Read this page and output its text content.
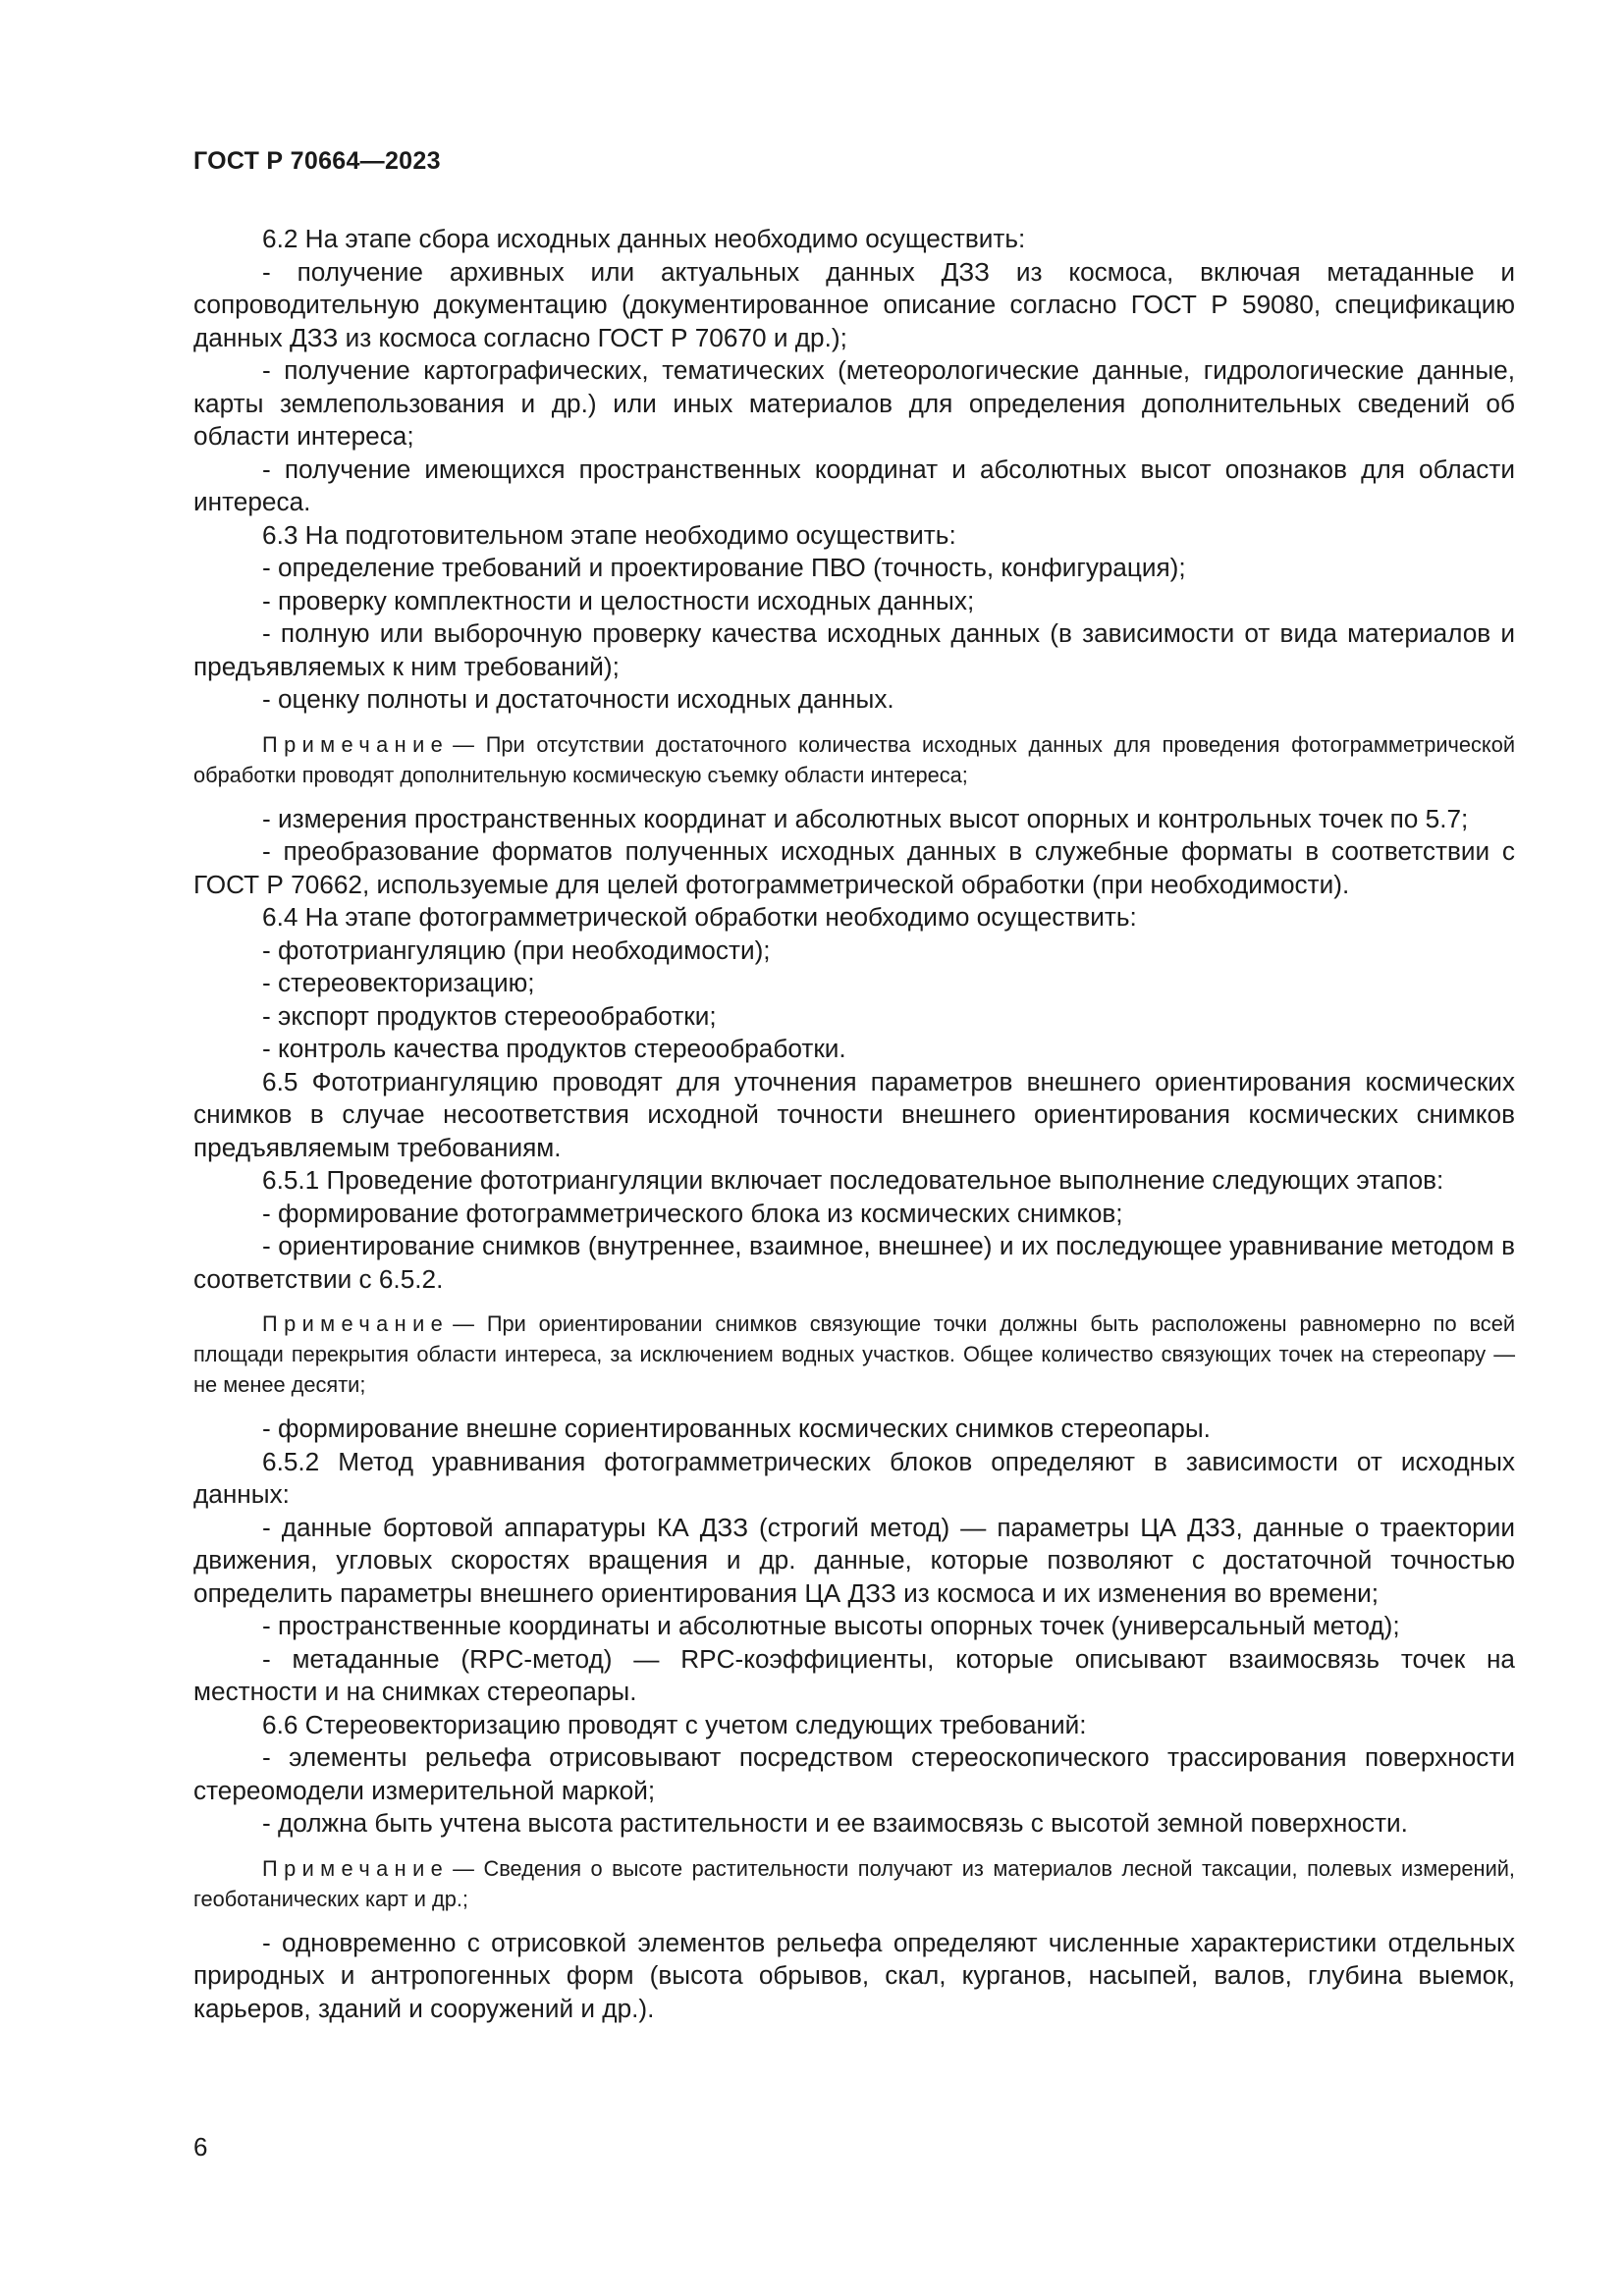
ГОСТ Р 70664—2023

6.2 На этапе сбора исходных данных необходимо осуществить:

- получение архивных или актуальных данных ДЗЗ из космоса, включая метаданные и сопроводительную документацию (документированное описание согласно ГОСТ Р 59080, спецификацию данных ДЗЗ из космоса согласно ГОСТ Р 70670 и др.);

- получение картографических, тематических (метеорологические данные, гидрологические данные, карты землепользования и др.) или иных материалов для определения дополнительных сведений об области интереса;

- получение имеющихся пространственных координат и абсолютных высот опознаков для области интереса.

6.3 На подготовительном этапе необходимо осуществить:

- определение требований и проектирование ПВО (точность, конфигурация);

- проверку комплектности и целостности исходных данных;

- полную или выборочную проверку качества исходных данных (в зависимости от вида материалов и предъявляемых к ним требований);

- оценку полноты и достаточности исходных данных.

Примечание — При отсутствии достаточного количества исходных данных для проведения фотограмметрической обработки проводят дополнительную космическую съемку области интереса;

- измерения пространственных координат и абсолютных высот опорных и контрольных точек по 5.7;

- преобразование форматов полученных исходных данных в служебные форматы в соответствии с ГОСТ Р 70662, используемые для целей фотограмметрической обработки (при необходимости).

6.4 На этапе фотограмметрической обработки необходимо осуществить:

- фототриангуляцию (при необходимости);

- стереовекторизацию;

- экспорт продуктов стереообработки;

- контроль качества продуктов стереообработки.

6.5 Фототриангуляцию проводят для уточнения параметров внешнего ориентирования космических снимков в случае несоответствия исходной точности внешнего ориентирования космических снимков предъявляемым требованиям.

6.5.1 Проведение фототриангуляции включает последовательное выполнение следующих этапов:

- формирование фотограмметрического блока из космических снимков;

- ориентирование снимков (внутреннее, взаимное, внешнее) и их последующее уравнивание методом в соответствии с 6.5.2.

Примечание — При ориентировании снимков связующие точки должны быть расположены равномерно по всей площади перекрытия области интереса, за исключением водных участков. Общее количество связующих точек на стереопару — не менее десяти;

- формирование внешне сориентированных космических снимков стереопары.

6.5.2 Метод уравнивания фотограмметрических блоков определяют в зависимости от исходных данных:

- данные бортовой аппаратуры КА ДЗЗ (строгий метод) — параметры ЦА ДЗЗ, данные о траектории движения, угловых скоростях вращения и др. данные, которые позволяют с достаточной точностью определить параметры внешнего ориентирования ЦА ДЗЗ из космоса и их изменения во времени;

- пространственные координаты и абсолютные высоты опорных точек (универсальный метод);

- метаданные (RPC-метод) — RPC-коэффициенты, которые описывают взаимосвязь точек на местности и на снимках стереопары.

6.6 Стереовекторизацию проводят с учетом следующих требований:

- элементы рельефа отрисовывают посредством стереоскопического трассирования поверхности стереомодели измерительной маркой;

- должна быть учтена высота растительности и ее взаимосвязь с высотой земной поверхности.

Примечание — Сведения о высоте растительности получают из материалов лесной таксации, полевых измерений, геоботанических карт и др.;

- одновременно с отрисовкой элементов рельефа определяют численные характеристики отдельных природных и антропогенных форм (высота обрывов, скал, курганов, насыпей, валов, глубина выемок, карьеров, зданий и сооружений и др.).

6
